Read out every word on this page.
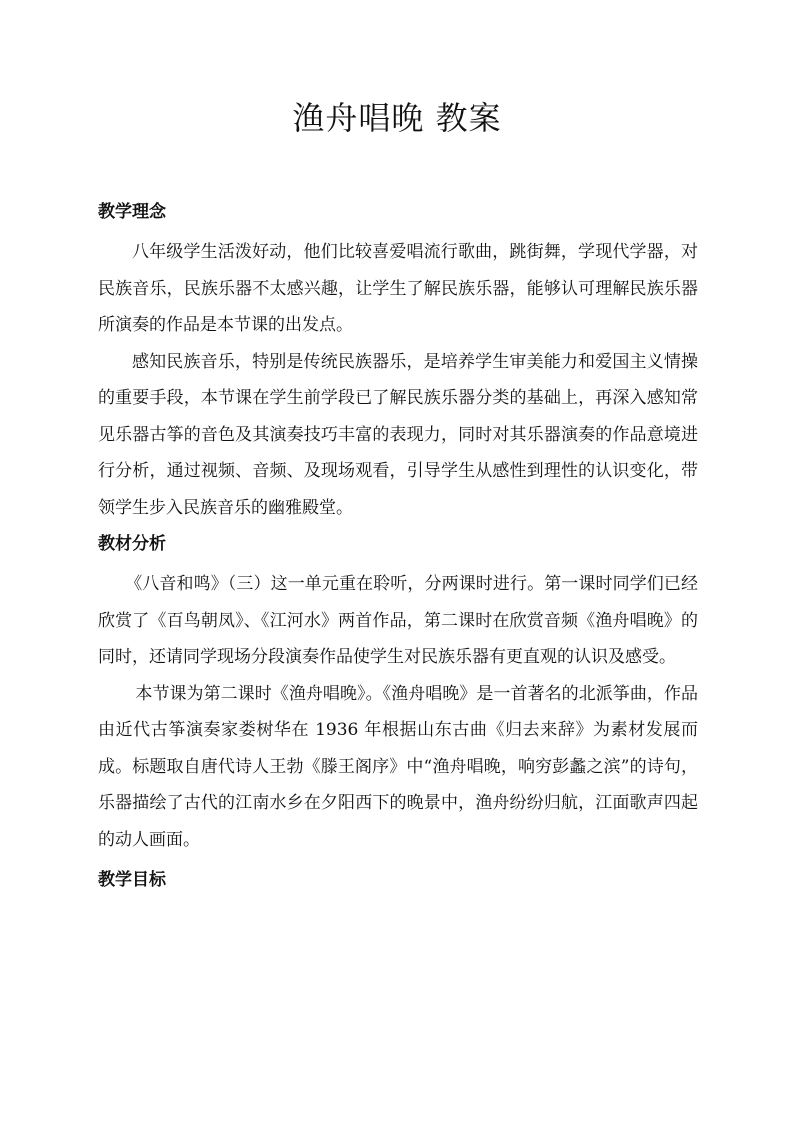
渔舟唱晚 教案
教学理念

八年级学生活泼好动，他们比较喜爱唱流行歌曲，跳街舞，学现代学器，对民族音乐，民族乐器不太感兴趣，让学生了解民族乐器，能够认可理解民族乐器所演奏的作品是本节课的出发点。

感知民族音乐，特别是传统民族器乐，是培养学生审美能力和爱国主义情操的重要手段，本节课在学生前学段已了解民族乐器分类的基础上，再深入感知常见乐器古筝的音色及其演奏技巧丰富的表现力，同时对其乐器演奏的作品意境进行分析，通过视频、音频、及现场观看，引导学生从感性到理性的认识变化，带领学生步入民族音乐的幽雅殿堂。

教材分析

《八音和鸣》（三）这一单元重在聆听，分两课时进行。第一课时同学们已经欣赏了《百鸟朝凤》、《江河水》两首作品，第二课时在欣赏音频《渔舟唱晚》的同时，还请同学现场分段演奏作品使学生对民族乐器有更直观的认识及感受。

本节课为第二课时《渔舟唱晚》。《渔舟唱晚》是一首著名的北派筝曲，作品由近代古筝演奏家娄树华在 1936 年根据山东古曲《归去来辞》为素材发展而成。标题取自唐代诗人王勃《滕王阁序》中“渔舟唱晚，响穷彭蠡之滨”的诗句，乐器描绘了古代的江南水乡在夕阳西下的晚景中，渔舟纷纷归航，江面歌声四起的动人画面。

教学目标
